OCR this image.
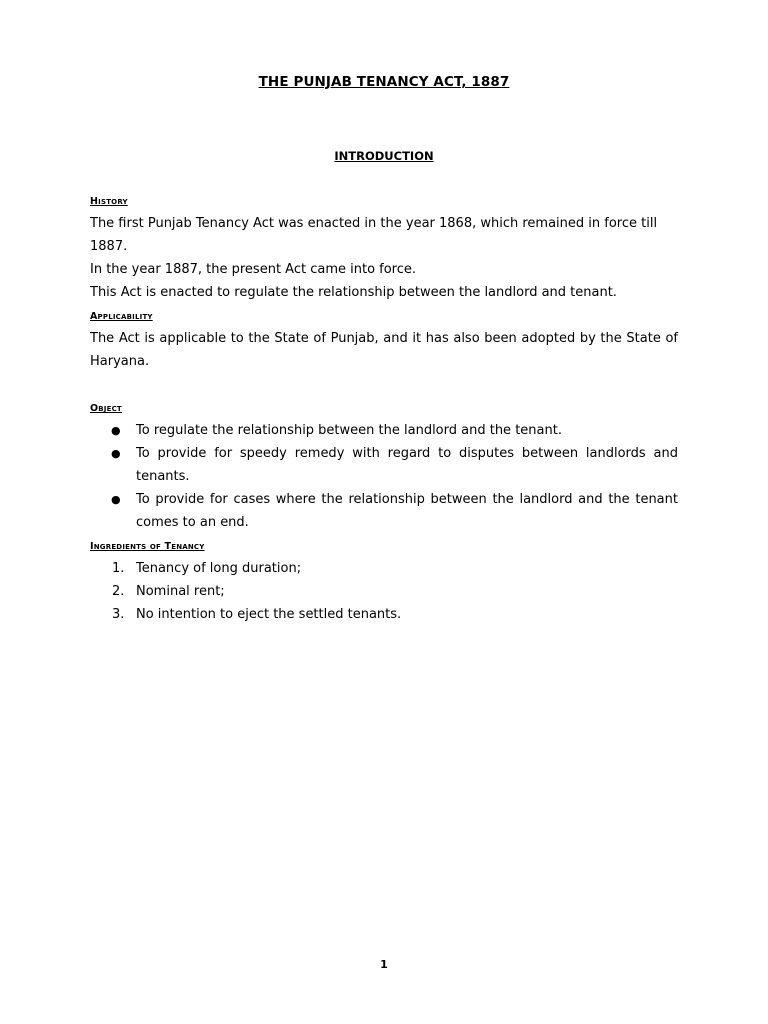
THE PUNJAB TENANCY ACT, 1887
INTRODUCTION
History

The first Punjab Tenancy Act was enacted in the year 1868, which remained in force till 1887.

In the year 1887, the present Act came into force.

This Act is enacted to regulate the relationship between the landlord and tenant.

Applicability

The Act is applicable to the State of Punjab, and it has also been adopted by the State of Haryana.

Object
● To regulate the relationship between the landlord and the tenant.
● To provide for speedy remedy with regard to disputes between landlords and tenants.
● To provide for cases where the relationship between the landlord and the tenant comes to an end.
Ingredients of Tenancy
1. Tenancy of long duration;
2. Nominal rent;
3. No intention to eject the settled tenants.
1
